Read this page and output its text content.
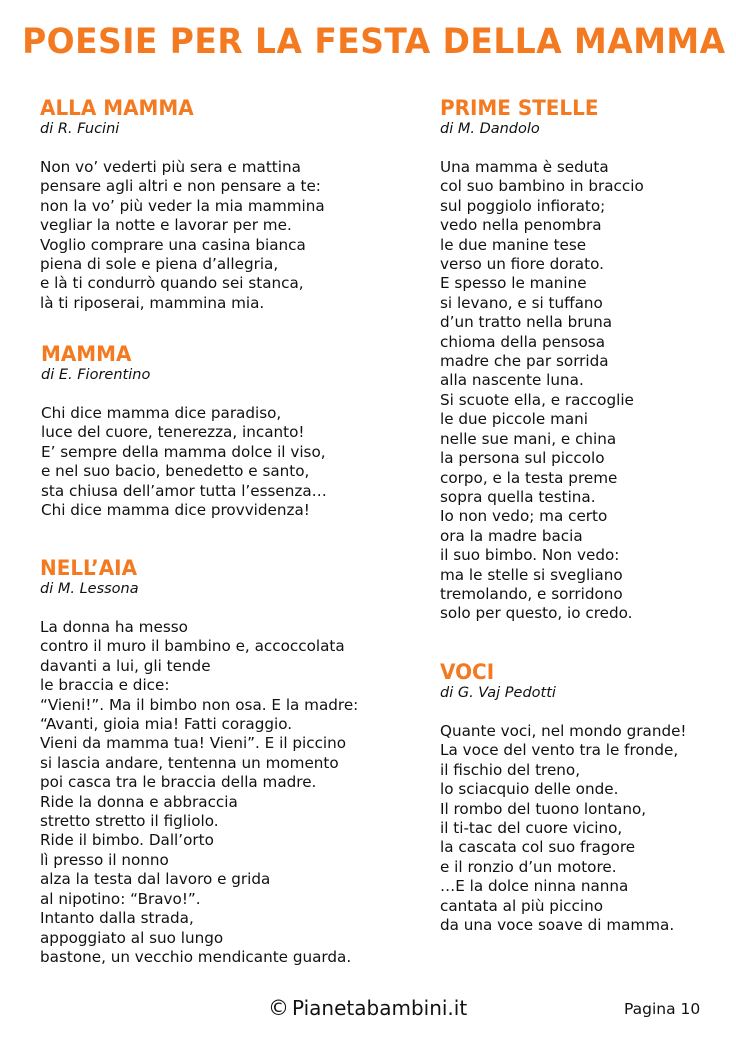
POESIE PER LA FESTA DELLA MAMMA
ALLA MAMMA

di R. Fucini

Non vo’ vederti più sera e mattina
pensare agli altri e non pensare a te:
non la vo’ più veder la mia mammina
vegliar la notte e lavorar per me.
Voglio comprare una casina bianca
piena di sole e piena d’allegria,
e là ti condurrò quando sei stanca,
là ti riposerai, mammina mia.
MAMMA

di E. Fiorentino

Chi dice mamma dice paradiso,
luce del cuore, tenerezza, incanto!
E’ sempre della mamma dolce il viso,
e nel suo bacio, benedetto e santo,
sta chiusa dell’amor tutta l’essenza…
Chi dice mamma dice provvidenza!
NELL’AIA

di M. Lessona

La donna ha messo
contro il muro il bambino e, accoccolata
davanti a lui, gli tende
le braccia e dice:
“Vieni!”. Ma il bimbo non osa. E la madre:
“Avanti, gioia mia! Fatti coraggio.
Vieni da mamma tua! Vieni”. E il piccino
si lascia andare, tentenna un momento
poi casca tra le braccia della madre.
Ride la donna e abbraccia
stretto stretto il figliolo.
Ride il bimbo. Dall’orto
lì presso il nonno
alza la testa dal lavoro e grida
al nipotino: “Bravo!”.
Intanto dalla strada,
appoggiato al suo lungo
bastone, un vecchio mendicante guarda.
PRIME STELLE

di M. Dandolo

Una mamma è seduta
col suo bambino in braccio
sul poggiolo infiorato;
vedo nella penombra
le due manine tese
verso un fiore dorato.
E spesso le manine
si levano, e si tuffano
d’un tratto nella bruna
chioma della pensosa
madre che par sorrida
alla nascente luna.
Si scuote ella, e raccoglie
le due piccole mani
nelle sue mani, e china
la persona sul piccolo
corpo, e la testa preme
sopra quella testina.
Io non vedo; ma certo
ora la madre bacia
il suo bimbo. Non vedo:
ma le stelle si svegliano
tremolando, e sorridono
solo per questo, io credo.
VOCI

di G. Vaj Pedotti

Quante voci, nel mondo grande!
La voce del vento tra le fronde,
il fischio del treno,
lo sciacquio delle onde.
Il rombo del tuono lontano,
il ti-tac del cuore vicino,
la cascata col suo fragore
e il ronzio d’un motore.
…E la dolce ninna nanna
cantata al più piccino
da una voce soave di mamma.
© Pianetabambini.it	Pagina 10
